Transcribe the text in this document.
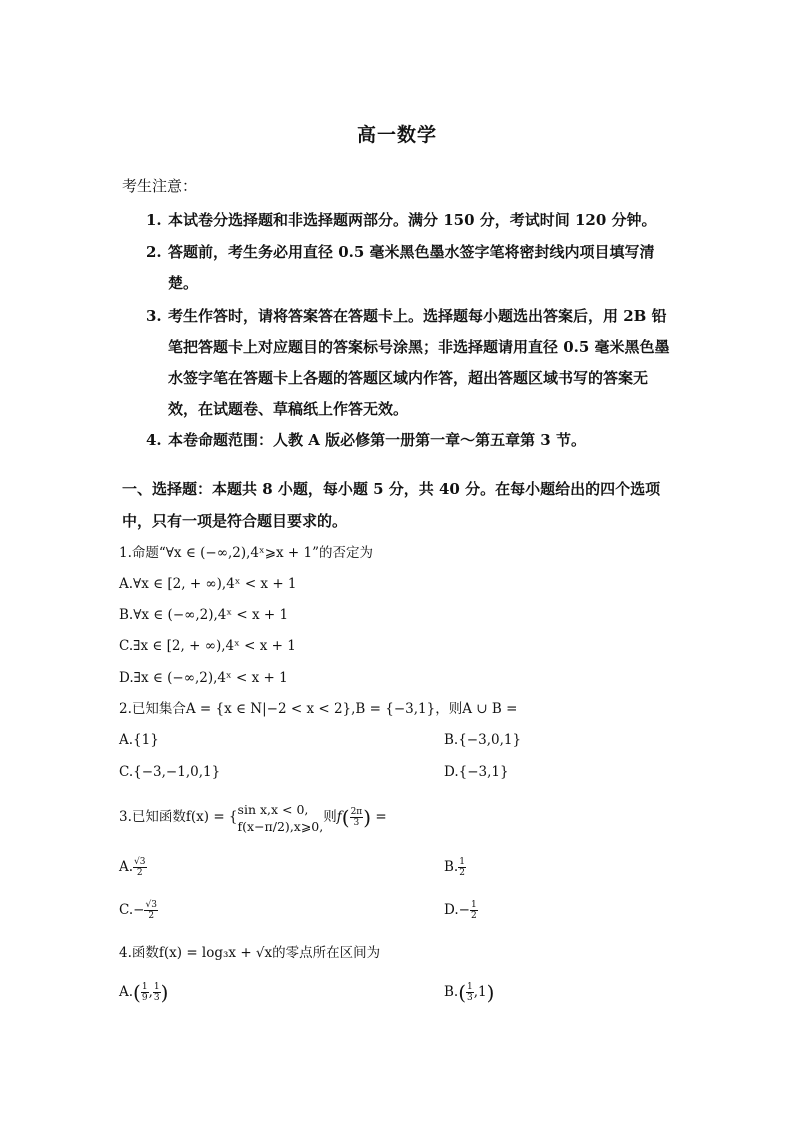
高一数学
考生注意：
1. 本试卷分选择题和非选择题两部分。满分 150 分，考试时间 120 分钟。
2. 答题前，考生务必用直径 0.5 毫米黑色墨水签字笔将密封线内项目填写清楚。
3. 考生作答时，请将答案答在答题卡上。选择题每小题选出答案后，用 2B 铅笔把答题卡上对应题目的答案标号涂黑；非选择题请用直径 0.5 毫米黑色墨水签字笔在答题卡上各题的答题区域内作答，超出答题区域书写的答案无效，在试题卷、草稿纸上作答无效。
4. 本卷命题范围：人教 A 版必修第一册第一章～第五章第 3 节。
一、选择题：本题共 8 小题，每小题 5 分，共 40 分。在每小题给出的四个选项中，只有一项是符合题目要求的。
1.命题“∀x ∈ (−∞,2),4ˣ⩾x + 1”的否定为
A.∀x ∈ [2, + ∞),4ˣ < x + 1
B.∀x ∈ (−∞,2),4ˣ < x + 1
C.∃x ∈ [2, + ∞),4ˣ < x + 1
D.∃x ∈ (−∞,2),4ˣ < x + 1
2.已知集合A = {x ∈ N|−2 < x < 2},B = {−3,1}，则A ∪ B =
A.{1}	B.{−3,0,1}
C.{−3,−1,0,1}	D.{−3,1}
3.已知函数f(x) = { sin x,x < 0,
f(x−π/2),x⩾0,
则$f( \frac{2\pi}{3}$ ) =
A. $\frac{√3}{2}$	B. $\frac{1}{2}$
$C.- \frac{√3}{2}$	$D.- \frac{1}{2}$
4.函数f(x) = log₃x + √x的零点所在区间为
$A.( \frac{1}{9}$ , $\frac{1}{3}$ )	$B.( \frac{1}{3} ,1)$
